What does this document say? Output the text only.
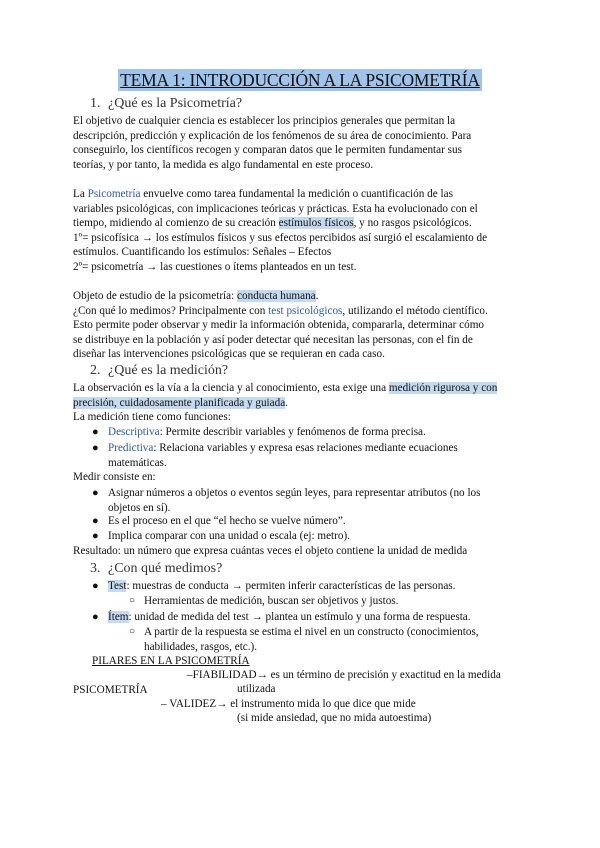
TEMA 1: INTRODUCCIÓN A LA PSICOMETRÍA
1. ¿Qué es la Psicometría?
El objetivo de cualquier ciencia es establecer los principios generales que permitan la
descripción, predicción y explicación de los fenómenos de su área de conocimiento. Para
conseguirlo, los científicos recogen y comparan datos que le permiten fundamentar sus
teorías, y por tanto, la medida es algo fundamental en este proceso.
La Psicometría envuelve como tarea fundamental la medición o cuantificación de las
variables psicológicas, con implicaciones teóricas y prácticas. Esta ha evolucionado con el
tiempo, midiendo al comienzo de su creación estímulos físicos, y no rasgos psicológicos.
1º= psicofísica → los estímulos físicos y sus efectos percibidos así surgió el escalamiento de
estímulos. Cuantificando los estímulos: Señales – Efectos
2º= psicometría → las cuestiones o ítems planteados en un test.
Objeto de estudio de la psicometría: conducta humana.
¿Con qué lo medimos? Principalmente con test psicológicos, utilizando el método científico.
Esto permite poder observar y medir la información obtenida, compararla, determinar cómo
se distribuye en la población y así poder detectar qué necesitan las personas, con el fin de
diseñar las intervenciones psicológicas que se requieran en cada caso.
2. ¿Qué es la medición?
La observación es la vía a la ciencia y al conocimiento, esta exige una medición rigurosa y con
precisión, cuidadosamente planificada y guiada.
La medición tiene como funciones:
● Descriptiva: Permite describir variables y fenómenos de forma precisa.
● Predictiva: Relaciona variables y expresa esas relaciones mediante ecuaciones
matemáticas.
Medir consiste en:
● Asignar números a objetos o eventos según leyes, para representar atributos (no los
objetos en sí).
● Es el proceso en el que “el hecho se vuelve número”.
● Implica comparar con una unidad o escala (ej: metro).
Resultado: un número que expresa cuántas veces el objeto contiene la unidad de medida
3. ¿Con qué medimos?
● Test: muestras de conducta → permiten inferir características de las personas.
○ Herramientas de medición, buscan ser objetivos y justos.
● Ítem: unidad de medida del test → plantea un estímulo y una forma de respuesta.
○ A partir de la respuesta se estima el nivel en un constructo (conocimientos,
habilidades, rasgos, etc.).
PILARES EN LA PSICOMETRÍA
–FIABILIDAD→ es un término de precisión y exactitud en la medida
utilizada
PSICOMETRÍA
– VALIDEZ→ el instrumento mida lo que dice que mide
(si mide ansiedad, que no mida autoestima)
